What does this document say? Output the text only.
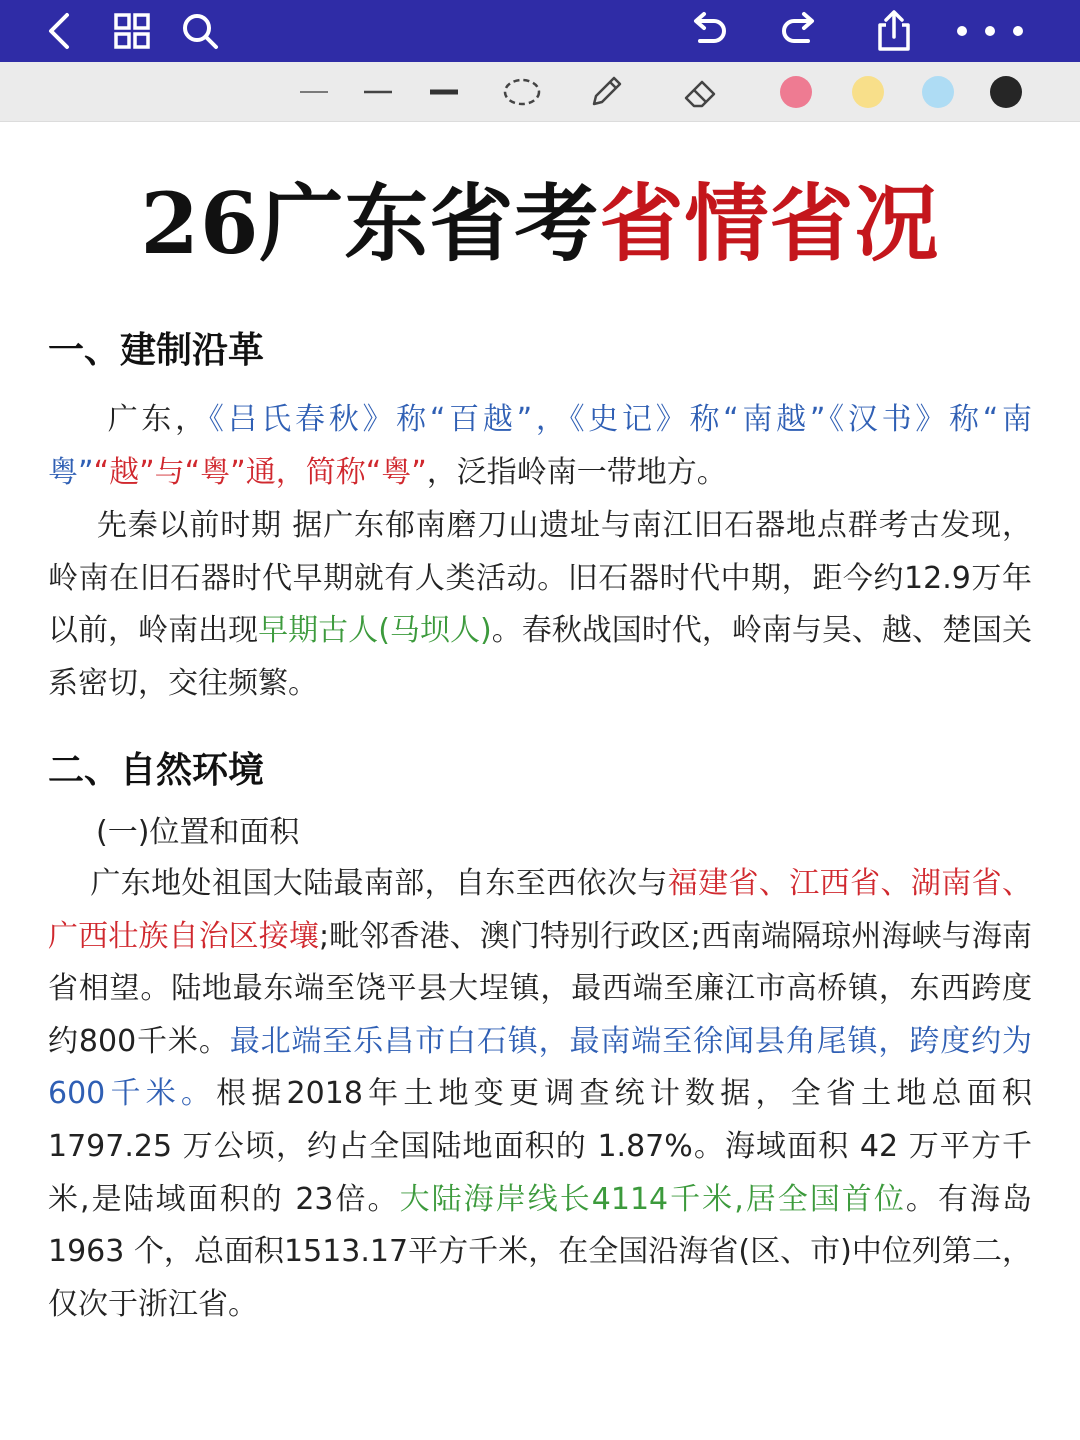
26广东省考省情省况
一、建制沿革
广东，《吕氏春秋》称“百越”，《史记》称“南越”《汉书》称“南粤”“越”与“粤”通，简称“粤”，泛指岭南一带地方。
先秦以前时期 据广东郁南磨刀山遗址与南江旧石器地点群考古发现，岭南在旧石器时代早期就有人类活动。旧石器时代中期，距今约12.9万年以前，岭南出现早期古人(马坝人)。春秋战国时代，岭南与吴、越、楚国关系密切，交往频繁。
二、自然环境
(一)位置和面积
广东地处祖国大陆最南部，自东至西依次与福建省、江西省、湖南省、广西壮族自治区接壤;毗邻香港、澳门特别行政区;西南端隔琼州海峡与海南省相望。陆地最东端至饶平县大埕镇，最西端至廉江市高桥镇，东西跨度约800千米。最北端至乐昌市白石镇，最南端至徐闻县角尾镇，跨度约为600千米。根据2018年土地变更调查统计数据，全省土地总面积 1797.25 万公顷，约占全国陆地面积的 1.87%。海域面积 42 万平方千米,是陆域面积的 23倍。大陆海岸线长4114千米,居全国首位。有海岛 1963 个，总面积1513.17平方千米，在全国沿海省(区、市)中位列第二，仅次于浙江省。
